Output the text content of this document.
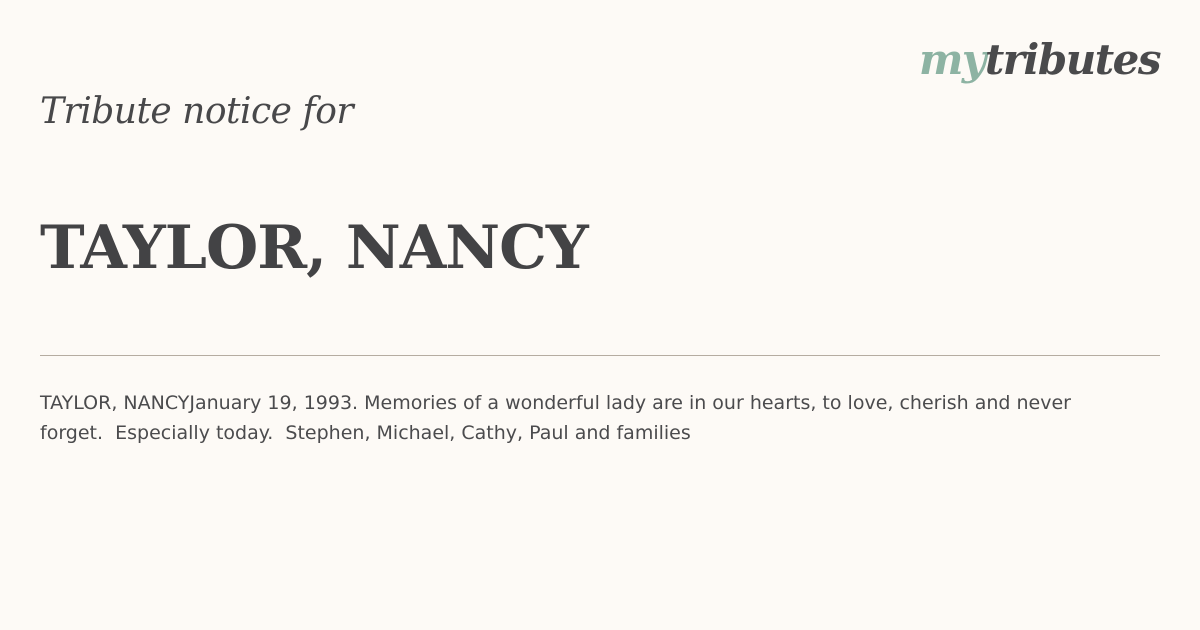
mytributes
Tribute notice for
TAYLOR, NANCY
TAYLOR, NANCYJanuary 19, 1993. Memories of a wonderful lady are in our hearts, to love, cherish and never forget.  Especially today.  Stephen, Michael, Cathy, Paul and families
